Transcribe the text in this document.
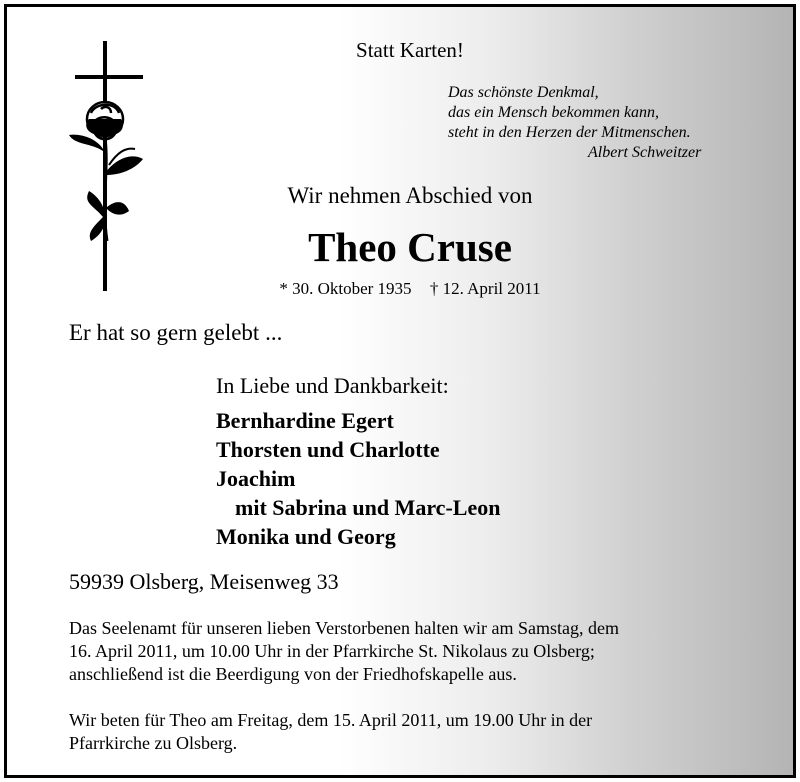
Statt Karten!
Das schönste Denkmal,
das ein Mensch bekommen kann,
steht in den Herzen der Mitmenschen.
Albert Schweitzer
Wir nehmen Abschied von
Theo Cruse
* 30. Oktober 1935 † 12. April 2011
Er hat so gern gelebt ...
In Liebe und Dankbarkeit:
Bernhardine Egert
Thorsten und Charlotte
Joachim
mit Sabrina und Marc-Leon
Monika und Georg
59939 Olsberg, Meisenweg 33
Das Seelenamt für unseren lieben Verstorbenen halten wir am Samstag, dem
16. April 2011, um 10.00 Uhr in der Pfarrkirche St. Nikolaus zu Olsberg;
anschließend ist die Beerdigung von der Friedhofskapelle aus.
Wir beten für Theo am Freitag, dem 15. April 2011, um 19.00 Uhr in der
Pfarrkirche zu Olsberg.
